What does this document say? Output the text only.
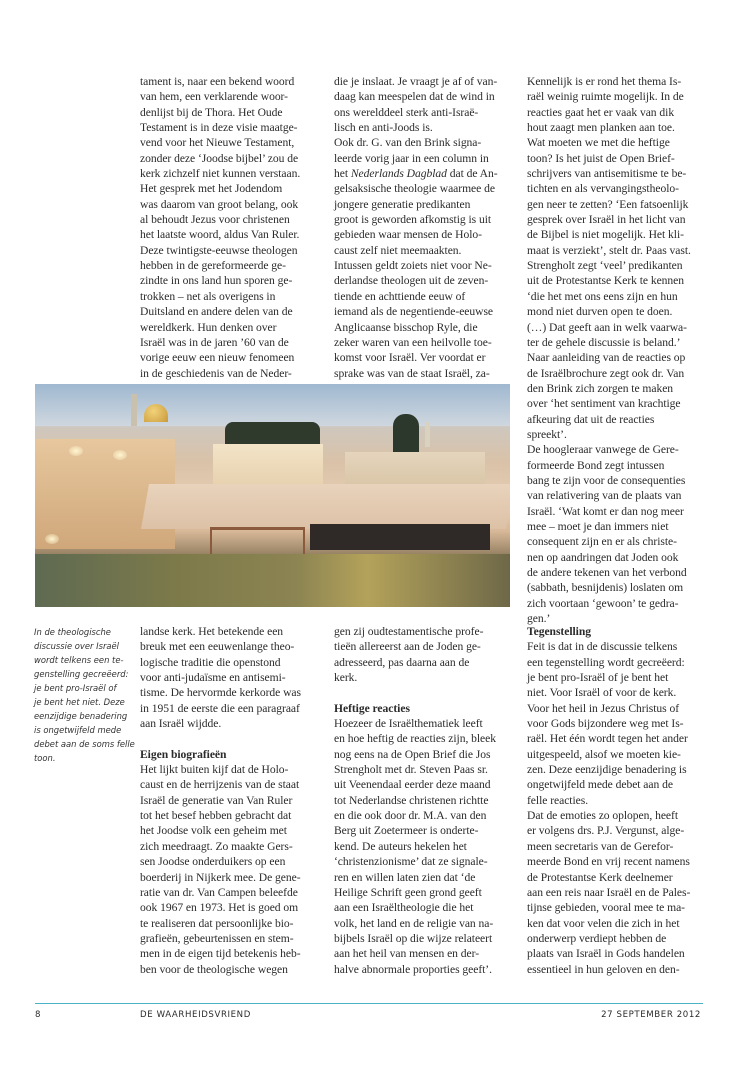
tament is, naar een bekend woord
van hem, een verklarende woor-
denlijst bij de Thora. Het Oude
Testament is in deze visie maatge-
vend voor het Nieuwe Testament,
zonder deze ‘Joodse bijbel’ zou de
kerk zichzelf niet kunnen verstaan.
Het gesprek met het Jodendom
was daarom van groot belang, ook
al behoudt Jezus voor christenen
het laatste woord, aldus Van Ruler.
Deze twintigste-eeuwse theologen
hebben in de gereformeerde ge-
zindte in ons land hun sporen ge-
trokken – net als overigens in
Duitsland en andere delen van de
wereldkerk. Hun denken over
Israël was in de jaren ’60 van de
vorige eeuw een nieuw fenomeen
in de geschiedenis van de Neder-
die je inslaat. Je vraagt je af of van-
daag kan meespelen dat de wind in
ons werelddeel sterk anti-Israë-
lisch en anti-Joods is.
Ook dr. G. van den Brink signa-
leerde vorig jaar in een column in
het Nederlands Dagblad dat de An-
gelsaksische theologie waarmee de
jongere generatie predikanten
groot is geworden afkomstig is uit
gebieden waar mensen de Holo-
caust zelf niet meemaakten.
Intussen geldt zoiets niet voor Ne-
derlandse theologen uit de zeven-
tiende en achttiende eeuw of
iemand als de negentiende-eeuwse
Anglicaanse bisschop Ryle, die
zeker waren van een heilvolle toe-
komst voor Israël. Ver voordat er
sprake was van de staat Israël, za-
Kennelijk is er rond het thema Is-
raël weinig ruimte mogelijk. In de
reacties gaat het er vaak van dik
hout zaagt men planken aan toe.
Wat moeten we met die heftige
toon? Is het juist de Open Brief-
schrijvers van antisemitisme te be-
tichten en als vervangingstheolo-
gen neer te zetten? ‘Een fatsoenlijk
gesprek over Israël in het licht van
de Bijbel is niet mogelijk. Het kli-
maat is verziekt’, stelt dr. Paas vast.
Strengholt zegt ‘veel’ predikanten
uit de Protestantse Kerk te kennen
‘die het met ons eens zijn en hun
mond niet durven open te doen.
(…) Dat geeft aan in welk vaarwa-
ter de gehele discussie is beland.’
Naar aanleiding van de reacties op
de Israëlbrochure zegt ook dr. Van
den Brink zich zorgen te maken
over ‘het sentiment van krachtige
afkeuring dat uit de reacties
spreekt’.
De hoogleraar vanwege de Gere-
formeerde Bond zegt intussen
bang te zijn voor de consequenties
van relativering van de plaats van
Israël. ‘Wat komt er dan nog meer
mee – moet je dan immers niet
consequent zijn en er als christe-
nen op aandringen dat Joden ook
de andere tekenen van het verbond
(sabbath, besnijdenis) loslaten om
zich voortaan ‘gewoon’ te gedra-
gen.’
In de theologische
discussie over Israël
wordt telkens een te-
genstelling gecreëerd:
je bent pro-Israël of
je bent het niet. Deze
eenzijdige benadering
is ongetwijfeld mede
debet aan de soms felle
toon.
landse kerk. Het betekende een
breuk met een eeuwenlange theo-
logische traditie die openstond
voor anti-judaïsme en antisemi-
tisme. De hervormde kerkorde was
in 1951 de eerste die een paragraaf
aan Israël wijdde.
Eigen biografieën
Het lijkt buiten kijf dat de Holo-
caust en de herrijzenis van de staat
Israël de generatie van Van Ruler
tot het besef hebben gebracht dat
het Joodse volk een geheim met
zich meedraagt. Zo maakte Gers-
sen Joodse onderduikers op een
boerderij in Nijkerk mee. De gene-
ratie van dr. Van Campen beleefde
ook 1967 en 1973. Het is goed om
te realiseren dat persoonlijke bio-
grafieën, gebeurtenissen en stem-
men in de eigen tijd betekenis heb-
ben voor de theologische wegen
gen zij oudtestamentische profe-
tieën allereerst aan de Joden ge-
adresseerd, pas daarna aan de
kerk.
Heftige reacties
Hoezeer de Israëlthematiek leeft
en hoe heftig de reacties zijn, bleek
nog eens na de Open Brief die Jos
Strengholt met dr. Steven Paas sr.
uit Veenendaal eerder deze maand
tot Nederlandse christenen richtte
en die ook door dr. M.A. van den
Berg uit Zoetermeer is onderte-
kend. De auteurs hekelen het
‘christenzionisme’ dat ze signale-
ren en willen laten zien dat ‘de
Heilige Schrift geen grond geeft
aan een Israëltheologie die het
volk, het land en de religie van na-
bijbels Israël op die wijze relateert
aan het heil van mensen en der-
halve abnormale proporties geeft’.
Tegenstelling
Feit is dat in de discussie telkens
een tegenstelling wordt gecreëerd:
je bent pro-Israël of je bent het
niet. Voor Israël of voor de kerk.
Voor het heil in Jezus Christus of
voor Gods bijzondere weg met Is-
raël. Het één wordt tegen het ander
uitgespeeld, alsof we moeten kie-
zen. Deze eenzijdige benadering is
ongetwijfeld mede debet aan de
felle reacties.
Dat de emoties zo oplopen, heeft
er volgens drs. P.J. Vergunst, alge-
meen secretaris van de Gerefor-
meerde Bond en vrij recent namens
de Protestantse Kerk deelnemer
aan een reis naar Israël en de Pales-
tijnse gebieden, vooral mee te ma-
ken dat voor velen die zich in het
onderwerp verdiept hebben de
plaats van Israël in Gods handelen
essentieel in hun geloven en den-
8	DE WAARHEIDSVRIEND	27 SEPTEMBER 2012
